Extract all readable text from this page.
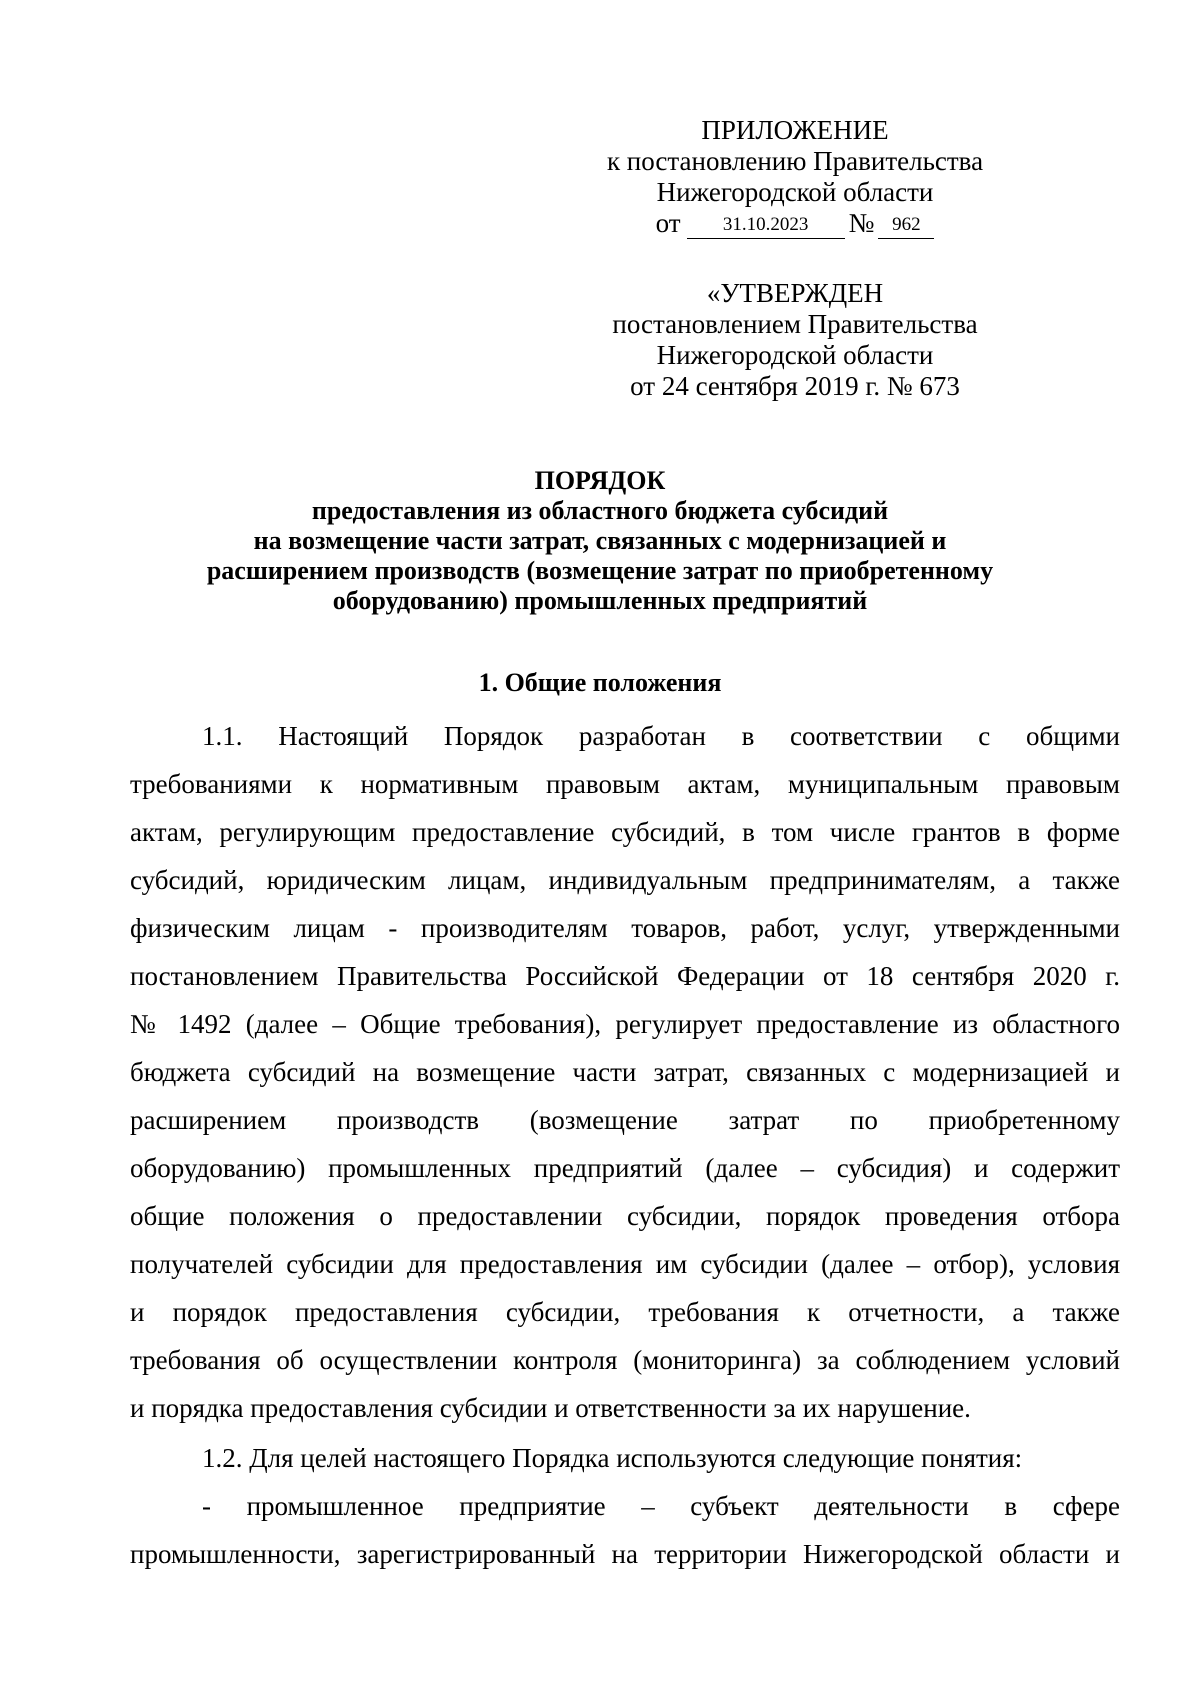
ПРИЛОЖЕНИЕ
к постановлению Правительства
Нижегородской области
от	31.10.2023	№ 962
«УТВЕРЖДЕН
постановлением Правительства
Нижегородской области
от 24 сентября 2019 г. № 673
ПОРЯДОК
предоставления из областного бюджета субсидий
на возмещение части затрат, связанных с модернизацией и
расширением производств (возмещение затрат по приобретенному
оборудованию) промышленных предприятий
1. Общие положения
1.1. Настоящий Порядок разработан в соответствии с общими
требованиями к нормативным правовым актам, муниципальным правовым
актам, регулирующим предоставление субсидий, в том числе грантов в форме
субсидий, юридическим лицам, индивидуальным предпринимателям, а также
физическим лицам - производителям товаров, работ, услуг, утвержденными
постановлением Правительства Российской Федерации от 18 сентября 2020 г.
№ 1492 (далее – Общие требования), регулирует предоставление из областного
бюджета субсидий на возмещение части затрат, связанных с модернизацией и
расширением производств (возмещение затрат по приобретенному
оборудованию) промышленных предприятий (далее – субсидия) и содержит
общие положения о предоставлении субсидии, порядок проведения отбора
получателей субсидии для предоставления им субсидии (далее – отбор), условия
и порядок предоставления субсидии, требования к отчетности, а также
требования об осуществлении контроля (мониторинга) за соблюдением условий
и порядка предоставления субсидии и ответственности за их нарушение.
1.2. Для целей настоящего Порядка используются следующие понятия:
- промышленное предприятие – субъект деятельности в сфере
промышленности, зарегистрированный на территории Нижегородской области и
